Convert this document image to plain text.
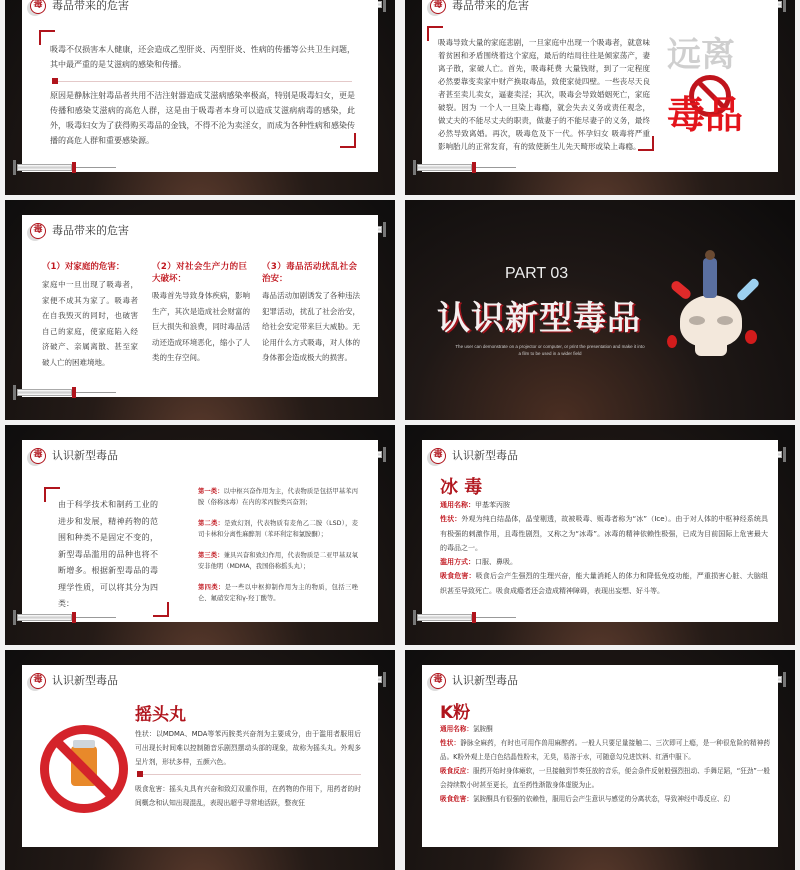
毒 毒品带来的危害
吸毒不仅损害本人健康，还会造成乙型肝炎、丙型肝炎、性病的传播等公共卫生问题，其中最严重的是艾滋病的感染和传播。
原因是静脉注射毒品者共用不洁注射器造成艾滋病感染率极高，特别是吸毒妇女，更是传播和感染艾滋病的高危人群，这是由于吸毒者本身可以造成艾滋病病毒的感染，此外，吸毒妇女为了获得购买毒品的金钱，不得不沦为卖淫女，而成为各种性病和感染传播的高危人群和重要感染源。
毒 毒品带来的危害
吸毒导致大量的家庭悲剧，一旦家庭中出现一个吸毒者，就意味着贫困和矛盾围绕着这个家庭，最后的结局往往是倾家荡产，妻离子散，家破人亡。首先，吸毒耗费 大量钱财，到了一定程度必然要靠变卖家中财产换取毒品，致使家徒四壁。一些丧尽天良者甚至卖儿卖女，逼妻卖淫；其次，吸毒会导致婚姻死亡，家庭破裂。因为 一个人一旦染上毒瘾，就会失去义务或责任观念，做丈夫的不能尽丈夫的职责，做妻子的不能尽妻子的义务，最终必然导致离婚。再次，吸毒危及下一代。怀孕妇女 吸毒将严重影响胎儿的正常发育，有的致使新生儿先天畸形或染上毒瘾。
远离
毒品
毒 毒品带来的危害
（1）对家庭的危害：
家庭中一旦出现了吸毒者，家便不成其为家了。吸毒者在自我毁灭的同时，也破害自己的家庭，使家庭陷入经济破产、亲属离散、甚至家破人亡的困难境地。
（2）对社会生产力的巨大破坏：
吸毒首先导致身体疾病，影响生产，其次是造成社会财富的巨大损失和浪费，同时毒品活动还造成环境恶化，缩小了人类的生存空间。
（3）毒品活动扰乱社会治安：
毒品活动加剧诱发了各种违法犯罪活动，扰乱了社会治安，给社会安定带来巨大威胁。无论用什么方式吸毒，对人体的身体都会造成极大的损害。
PART 03
认识新型毒品
The user can demonstrate on a projector or computer, or print the presentation and make it into a film to be used in a wider field
毒 认识新型毒品
由于科学技术和制药工业的进步和发展，精神药物的范围和种类不是固定不变的，新型毒品滥用的品种也将不断增多。根据新型毒品的毒理学性质，可以将其分为四类：
第一类：以中枢兴奋作用为主，代表物质是包括甲基苯丙胺（俗称冰毒）在内的苯丙胺类兴奋剂；
第二类：是致幻剂，代表物质有麦角乙二胺（LSD），麦司卡林和分离性麻醉剂（苯环利定和氯胺酮）；
第三类：兼具兴奋和致幻作用，代表物质是二亚甲基双氧安非他明（MDMA，我国俗称摇头丸）；
第四类：是一些以中枢抑制作用为主的物质，包括三唑仑、氟硝安定和γ-羟丁酸等。
毒 认识新型毒品
冰 毒
通用名称：甲基苯丙胺
性状：外观为纯白结晶体，晶莹剔透，故被吸毒、贩毒者称为“冰”（Ice）。由于对人体的中枢神经系统具有极强的刺激作用，且毒性剧烈，又称之为“冰毒”。冰毒的精神依赖性极强，已成为目前国际上危害最大的毒品之一。
滥用方式：口服、鼻吸。
吸食危害：吸食后会产生强烈的生理兴奋，能大量消耗人的体力和降低免疫功能，严重损害心脏、大脑组织甚至导致死亡。吸食成瘾者还会造成精神障碍，表现出妄想、好斗等。
毒 认识新型毒品
摇头丸
性状：以MDMA、MDA等苯丙胺类兴奋剂为主要成分，由于滥用者服用后可出现长时间难以控制随音乐剧烈摆动头部的现象，故称为摇头丸。外观多呈片剂，形状多样，五颜六色。
吸食危害：摇头丸具有兴奋和致幻双重作用，在药物的作用下，用药者的时间概念和认知出现混乱，表现出超乎寻常地活跃，整夜狂
毒 认识新型毒品
K粉
通用名称：氯胺酮
性状：静脉全麻药，有时也可用作兽用麻醉药。一般人只要足量接触二、三次即可上瘾，是一种很危险的精神药品。K粉外观上是白色结晶性粉末，无臭，易溶于水，可随意勾兑进饮料、红酒中服下。
吸食反应：服药开始时身体瘫软，一旦接触到节奏狂放的音乐，便会条件反射般强烈扭动、手舞足蹈，“狂劲”一般会持续数小时甚至更长，直至药性渐散身体虚脱为止。
吸食危害：氯胺酮具有很强的依赖性，服用后会产生意识与感觉的分离状态，导致神经中毒反应、幻
